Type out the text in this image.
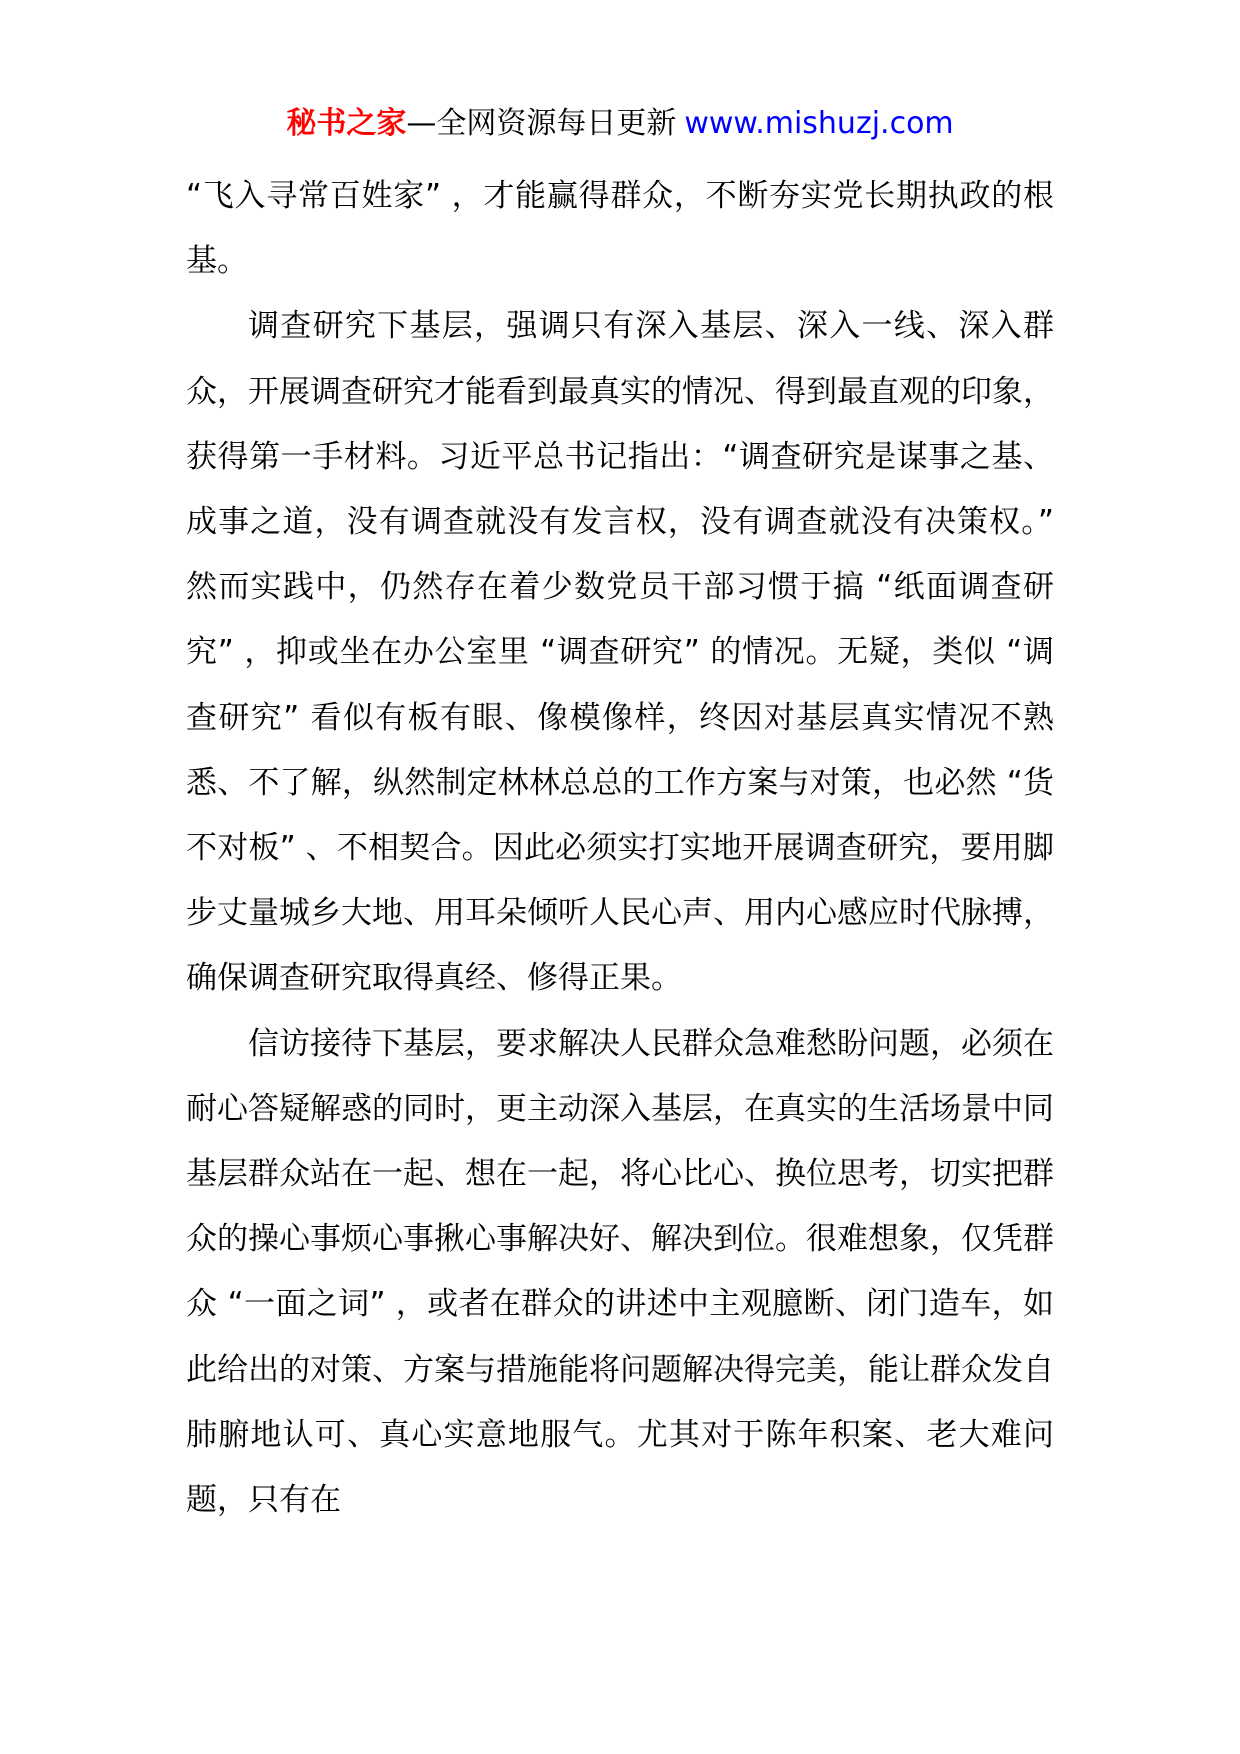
秘书之家—全网资源每日更新 www.mishuzj.com

“飞入寻常百姓家” ，才能赢得群众，不断夯实党长期执政的根基。

调查研究下基层，强调只有深入基层、深入一线、深入群众，开展调查研究才能看到最真实的情况、得到最直观的印象，获得第一手材料。习近平总书记指出：“调查研究是谋事之基、成事之道，没有调查就没有发言权，没有调查就没有决策权。” 然而实践中，仍然存在着少数党员干部习惯于搞 “纸面调查研究” ，抑或坐在办公室里 “调查研究” 的情况。无疑，类似 “调查研究” 看似有板有眼、像模像样，终因对基层真实情况不熟悉、不了解，纵然制定林林总总的工作方案与对策，也必然 “货不对板” 、不相契合。因此必须实打实地开展调查研究，要用脚步丈量城乡大地、用耳朵倾听人民心声、用内心感应时代脉搏，确保调查研究取得真经、修得正果。

信访接待下基层，要求解决人民群众急难愁盼问题，必须在耐心答疑解惑的同时，更主动深入基层，在真实的生活场景中同基层群众站在一起、想在一起，将心比心、换位思考，切实把群众的操心事烦心事揪心事解决好、解决到位。很难想象，仅凭群众 “一面之词” ，或者在群众的讲述中主观臆断、闭门造车，如此给出的对策、方案与措施能将问题解决得完美，能让群众发自肺腑地认可、真心实意地服气。尤其对于陈年积案、老大难问题，只有在
